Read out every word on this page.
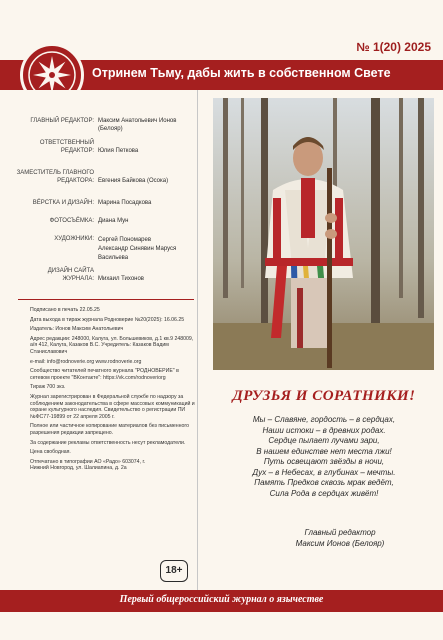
№ 1(20) 2025
Отринем Тьму, дабы жить в собственном Свете
ГЛАВНЫЙ РЕДАКТОР: Максим Анатольевич Ионов (Белояр)
ОТВЕТСТВЕННЫЙ РЕДАКТОР: Юлия Петкова
ЗАМЕСТИТЕЛЬ ГЛАВНОГО РЕДАКТОРА: Евгения Байкова (Осока)
ВЁРСТКА И ДИЗАЙН: Марина Посадкова
ФОТОСЪЁМКА: Диана Мун
ХУДОЖНИКИ: Сергей Пономарев Александр Синявин Маруся Васильева
ДИЗАЙН САЙТА ЖУРНАЛА: Михаил Тихонов

Подписано в печать 22.05.25

Дата выхода в тираж журнала Родноверие №20(2025): 16.06.25

Издатель: Ионов Максим Анатольевич

Адрес редакции: 248000, Калуга, ул. Большевиков, д.1 кв.9 248009, а/я 412, Калуга, Казаков В.С. Учредитель: Казаков Вадим Станиславович

e-mail: info@rodnoverie.org www.rodnoverie.org

Сообщество читателей печатного журнала "РОДНОВЕРИЕ" в сетевом проекте "ВКонтакте": https://vk.com/rodnoveriorg

Тираж 700 экз.

Журнал зарегистрирован в Федеральной службе по надзору за соблюдением законодательства в сфере массовых коммуникаций и охране культурного наследия. Свидетельство о регистрации ПИ №ФС77-19899 от 22 апреля 2005 г.

Полное или частичное копирование материалов без письменного разрешения редакции запрещено.

За содержание рекламы ответственность несут рекламодатели.

Цена свободная.

Отпечатано в типографии АО «Радо» 603074, г. Нижний Новгород, ул. Шалиапина, д. 2а

18+
ДРУЗЬЯ И СОРАТНИКИ!
Мы – Славяне, гордость – в сердцах,
Наши истоки – в древних родах.
Сердце пылает лучами зари,
В нашем единстве нет места лжи!
Путь освещают звёзды в ночи,
Дух – в Небесах, в глубинах – мечты.
Память Предков сквозь мрак ведёт,
Сила Рода в сердцах живёт!
Главный редактор
Максим Ионов (Белояр)
Первый общероссийский журнал о язычестве
